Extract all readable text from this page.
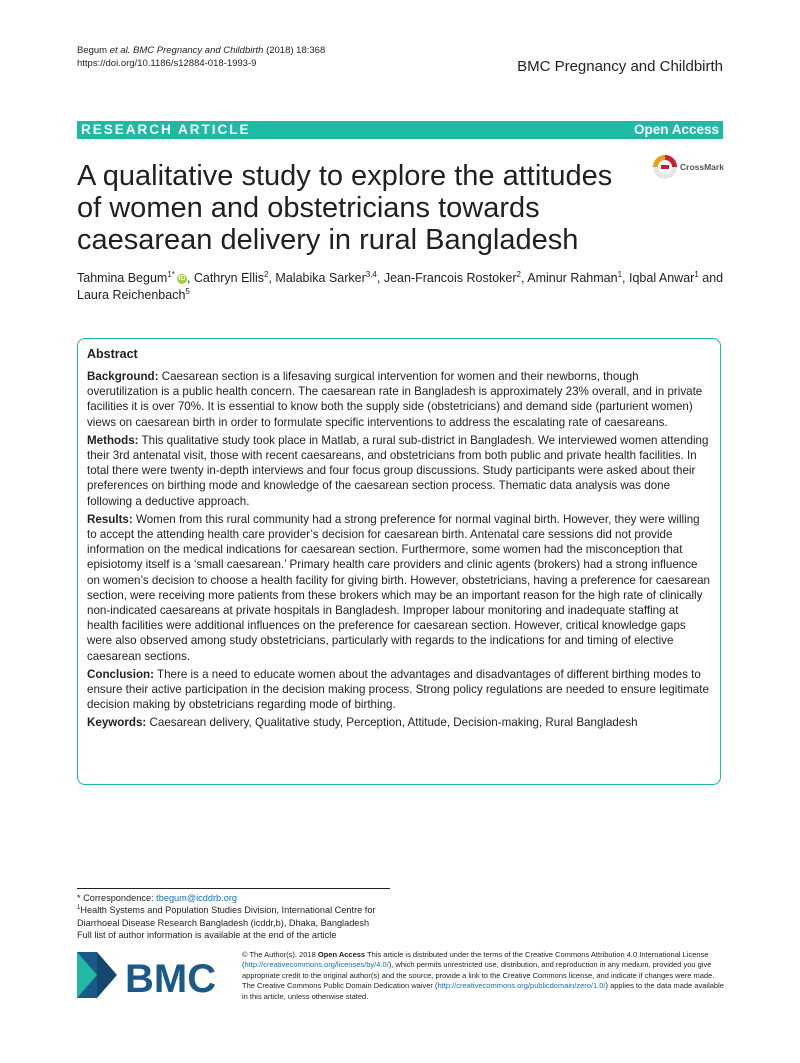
Begum et al. BMC Pregnancy and Childbirth (2018) 18:368
https://doi.org/10.1186/s12884-018-1993-9	BMC Pregnancy and Childbirth
RESEARCH ARTICLE	Open Access
A qualitative study to explore the attitudes of women and obstetricians towards caesarean delivery in rural Bangladesh
CrossMark
Tahmina Begum$^{1*}$ iD , Cathryn Ellis$^2$, Malabika Sarker$^{3,4}$, Jean-Francois Rostoker$^2$, Aminur Rahman$^1$, Iqbal Anwar$^1$ and Laura Reichenbach$^5$
Abstract

Background: Caesarean section is a lifesaving surgical intervention for women and their newborns, though overutilization is a public health concern. The caesarean rate in Bangladesh is approximately 23% overall, and in private facilities it is over 70%. It is essential to know both the supply side (obstetricians) and demand side (parturient women) views on caesarean birth in order to formulate specific interventions to address the escalating rate of caesareans.

Methods: This qualitative study took place in Matlab, a rural sub-district in Bangladesh. We interviewed women attending their 3rd antenatal visit, those with recent caesareans, and obstetricians from both public and private health facilities. In total there were twenty in-depth interviews and four focus group discussions. Study participants were asked about their preferences on birthing mode and knowledge of the caesarean section process. Thematic data analysis was done following a deductive approach.

Results: Women from this rural community had a strong preference for normal vaginal birth. However, they were willing to accept the attending health care provider’s decision for caesarean birth. Antenatal care sessions did not provide information on the medical indications for caesarean section. Furthermore, some women had the misconception that episiotomy itself is a ‘small caesarean.’ Primary health care providers and clinic agents (brokers) had a strong influence on women’s decision to choose a health facility for giving birth. However, obstetricians, having a preference for caesarean section, were receiving more patients from these brokers which may be an important reason for the high rate of clinically non-indicated caesareans at private hospitals in Bangladesh. Improper labour monitoring and inadequate staffing at health facilities were additional influences on the preference for caesarean section. However, critical knowledge gaps were also observed among study obstetricians, particularly with regards to the indications for and timing of elective caesarean sections.

Conclusion: There is a need to educate women about the advantages and disadvantages of different birthing modes to ensure their active participation in the decision making process. Strong policy regulations are needed to ensure legitimate decision making by obstetricians regarding mode of birthing.

Keywords: Caesarean delivery, Qualitative study, Perception, Attitude, Decision-making, Rural Bangladesh

* Correspondence: tbegum@icddrb.org
$^1$Health Systems and Population Studies Division, International Centre for Diarrhoeal Disease Research Bangladesh (icddr,b), Dhaka, Bangladesh
Full list of author information is available at the end of the article
BMC
© The Author(s). 2018 Open Access This article is distributed under the terms of the Creative Commons Attribution 4.0 International License (http://creativecommons.org/licenses/by/4.0/), which permits unrestricted use, distribution, and reproduction in any medium, provided you give appropriate credit to the original author(s) and the source, provide a link to the Creative Commons license, and indicate if changes were made. The Creative Commons Public Domain Dedication waiver (http://creativecommons.org/publicdomain/zero/1.0/) applies to the data made available in this article, unless otherwise stated.
